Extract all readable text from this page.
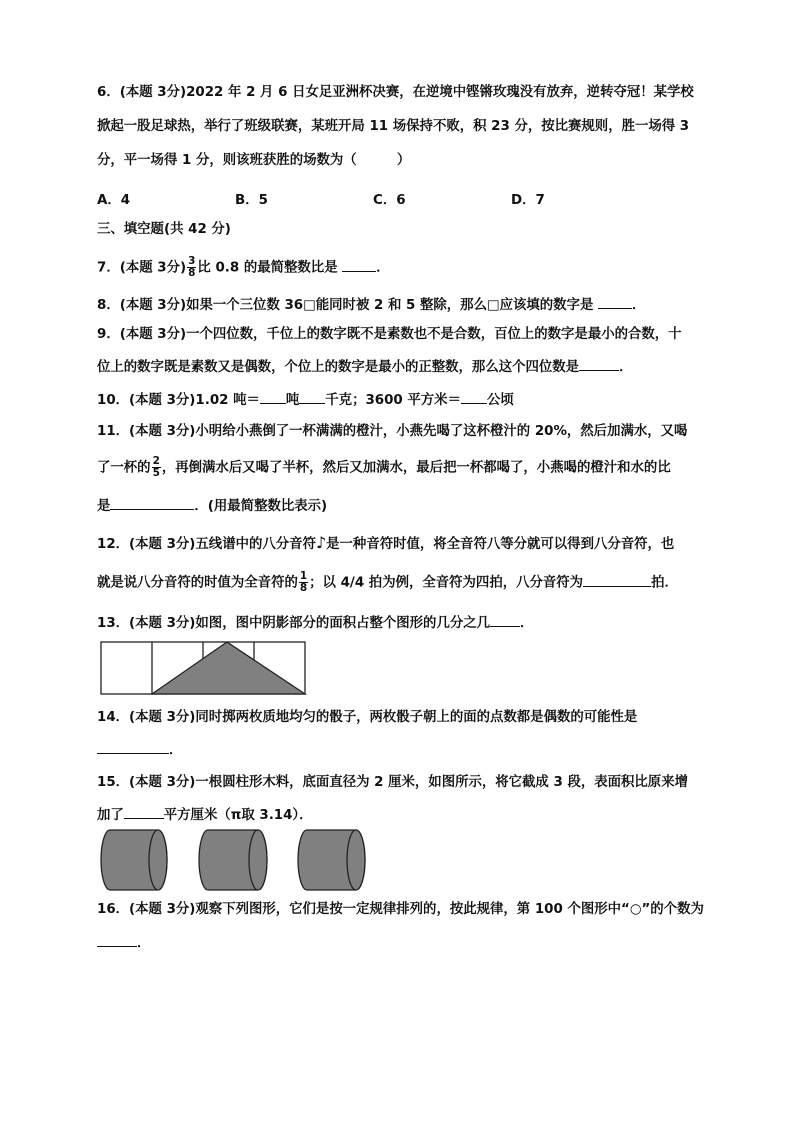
6．(本题 3分)2022 年 2 月 6 日女足亚洲杯决赛，在逆境中铿锵玫瑰没有放弃，逆转夺冠！某学校
掀起一股足球热，举行了班级联赛，某班开局 11 场保持不败，积 23 分，按比赛规则，胜一场得 3
分，平一场得 1 分，则该班获胜的场数为（　　　）
A．4	B．5	C．6	D．7
三、填空题(共 42 分)
7．(本题 3分) $\frac{3}{8}$ 比 0.8 的最简整数比是	．
8．(本题 3分)如果一个三位数 36□能同时被 2 和 5 整除，那么□应该填的数字是	．
9．(本题 3分)一个四位数，千位上的数字既不是素数也不是合数，百位上的数字是最小的合数，十
位上的数字既是素数又是偶数，个位上的数字是最小的正整数，那么这个四位数是	．
10．(本题 3分)1.02 吨＝ 吨 千克；3600 平方米＝ 公顷
11．(本题 3分)小明给小燕倒了一杯满满的橙汁，小燕先喝了这杯橙汁的 20%，然后加满水，又喝
了一杯的 $\frac{2}{5}$ ，再倒满水后又喝了半杯，然后又加满水，最后把一杯都喝了，小燕喝的橙汁和水的比
是	．(用最简整数比表示)
12．(本题 3分)五线谱中的八分音符♪是一种音符时值，将全音符八等分就可以得到八分音符，也
就是说八分音符的时值为全音符的 $\frac{1}{8}$ ；以 4/4 拍为例，全音符为四拍，八分音符为	拍．
13．(本题 3分)如图，图中阴影部分的面积占整个图形的几分之几 ．
14．(本题 3分)同时掷两枚质地均匀的骰子，两枚骰子朝上的面的点数都是偶数的可能性是
．
15．(本题 3分)一根圆柱形木料，底面直径为 2 厘米，如图所示，将它截成 3 段，表面积比原来增
加了	平方厘米（π取 3.14）．
16．(本题 3分)观察下列图形，它们是按一定规律排列的，按此规律，第 100 个图形中“○”的个数为
．
